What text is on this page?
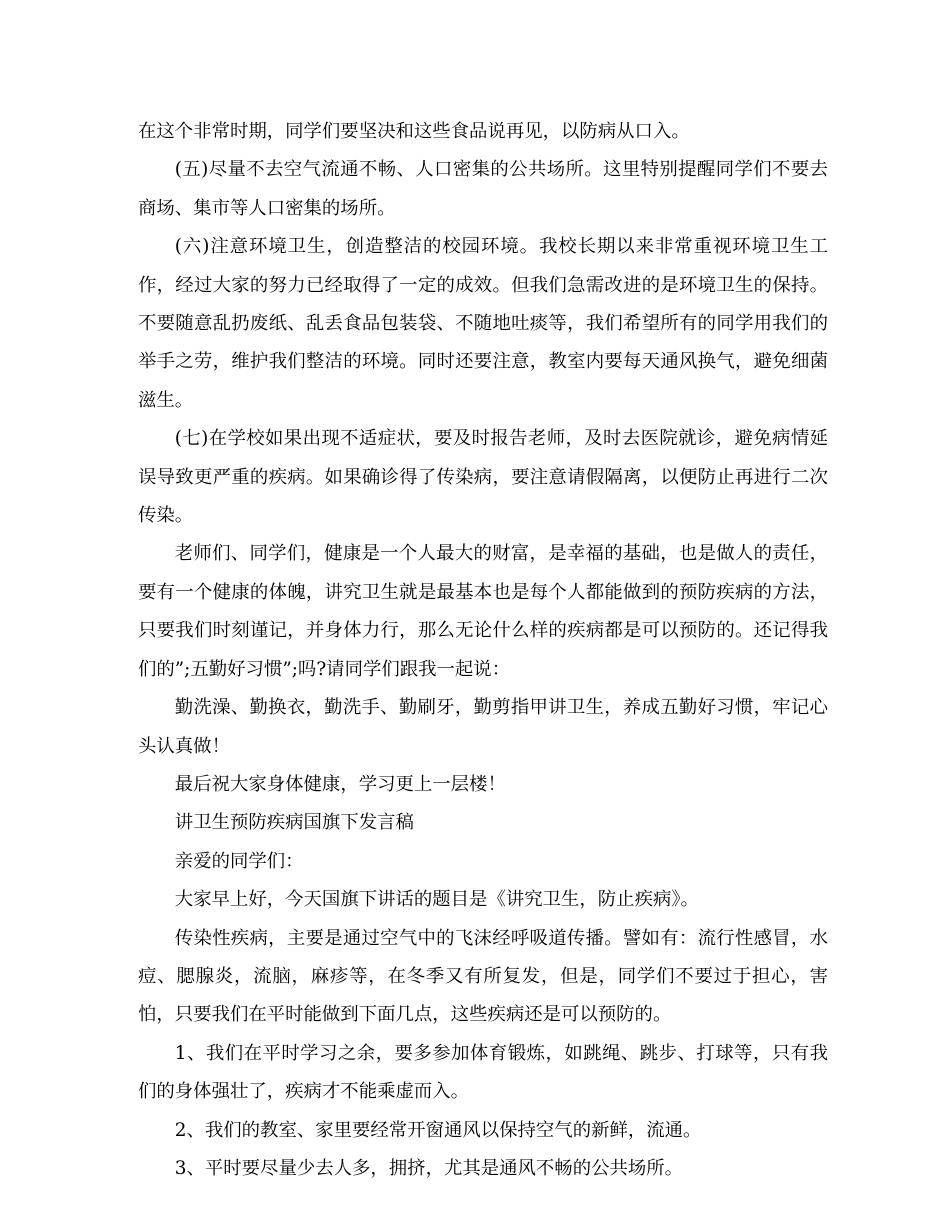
在这个非常时期，同学们要坚决和这些食品说再见，以防病从口入。

(五)尽量不去空气流通不畅、人口密集的公共场所。这里特别提醒同学们不要去商场、集市等人口密集的场所。

(六)注意环境卫生，创造整洁的校园环境。我校长期以来非常重视环境卫生工作，经过大家的努力已经取得了一定的成效。但我们急需改进的是环境卫生的保持。不要随意乱扔废纸、乱丢食品包装袋、不随地吐痰等，我们希望所有的同学用我们的举手之劳，维护我们整洁的环境。同时还要注意，教室内要每天通风换气，避免细菌滋生。

(七)在学校如果出现不适症状，要及时报告老师，及时去医院就诊，避免病情延误导致更严重的疾病。如果确诊得了传染病，要注意请假隔离，以便防止再进行二次传染。

老师们、同学们，健康是一个人最大的财富，是幸福的基础，也是做人的责任，要有一个健康的体魄，讲究卫生就是最基本也是每个人都能做到的预防疾病的方法，只要我们时刻谨记，并身体力行，那么无论什么样的疾病都是可以预防的。还记得我们的”;五勤好习惯”;吗?请同学们跟我一起说：

勤洗澡、勤换衣，勤洗手、勤刷牙，勤剪指甲讲卫生，养成五勤好习惯，牢记心头认真做！

最后祝大家身体健康，学习更上一层楼！

讲卫生预防疾病国旗下发言稿

亲爱的同学们：

大家早上好，今天国旗下讲话的题目是《讲究卫生，防止疾病》。

传染性疾病，主要是通过空气中的飞沫经呼吸道传播。譬如有：流行性感冒，水痘、腮腺炎，流脑，麻疹等，在冬季又有所复发，但是，同学们不要过于担心，害怕，只要我们在平时能做到下面几点，这些疾病还是可以预防的。

1、我们在平时学习之余，要多参加体育锻炼，如跳绳、跳步、打球等，只有我们的身体强壮了，疾病才不能乘虚而入。

2、我们的教室、家里要经常开窗通风以保持空气的新鲜，流通。

3、平时要尽量少去人多，拥挤，尤其是通风不畅的公共场所。
